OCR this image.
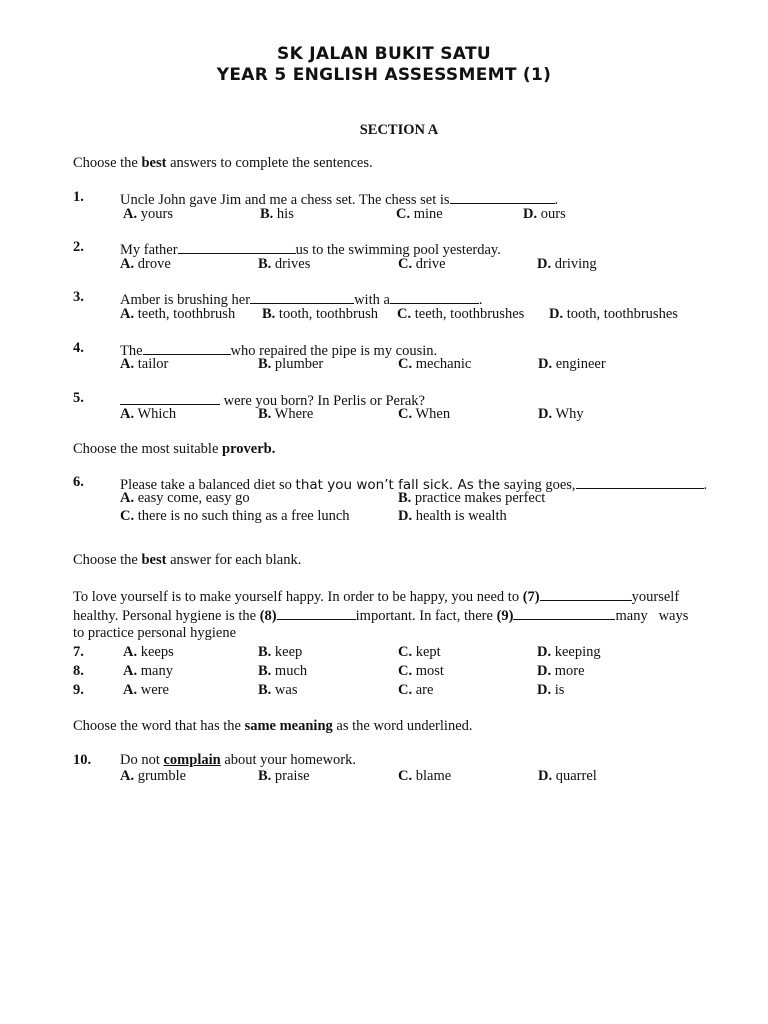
SK JALAN BUKIT SATU
YEAR 5 ENGLISH ASSESSMEMT (1)
SECTION A
Choose the best answers to complete the sentences.
1. Uncle John gave Jim and me a chess set. The chess set is	.
A. yours	B. his	C. mine	D. ours
2. My father	us to the swimming pool yesterday.
A. drove	B. drives	C. drive	D. driving
3. Amber is brushing her	with a	.
A. teeth, toothbrush B. tooth, toothbrush C. teeth, toothbrushes D. tooth, toothbrushes
4. The	who repaired the pipe is my cousin.
A. tailor	B. plumber	C. mechanic	D. engineer
5.	were you born? In Perlis or Perak?
A. Which	B. Where	C. When	D. Why
Choose the most suitable proverb.
6. Please take a balanced diet so that you won’t fall sick. As the saying goes,	.
A. easy come, easy go	B. practice makes perfect
C. there is no such thing as a free lunch	D. health is wealth
Choose the best answer for each blank.
To love yourself is to make yourself happy. In order to be happy, you need to (7)	yourself
healthy. Personal hygiene is the (8)	important. In fact, there (9)	many   ways
to practice personal hygiene
7.	A. keeps	B. keep	C. kept	D. keeping
8.	A. many	B. much	C. most	D. more
9.	A. were	B. was	C. are	D. is
Choose the word that has the same meaning as the word underlined.
10. Do not complain about your homework.
A. grumble	B. praise	C. blame	D. quarrel
